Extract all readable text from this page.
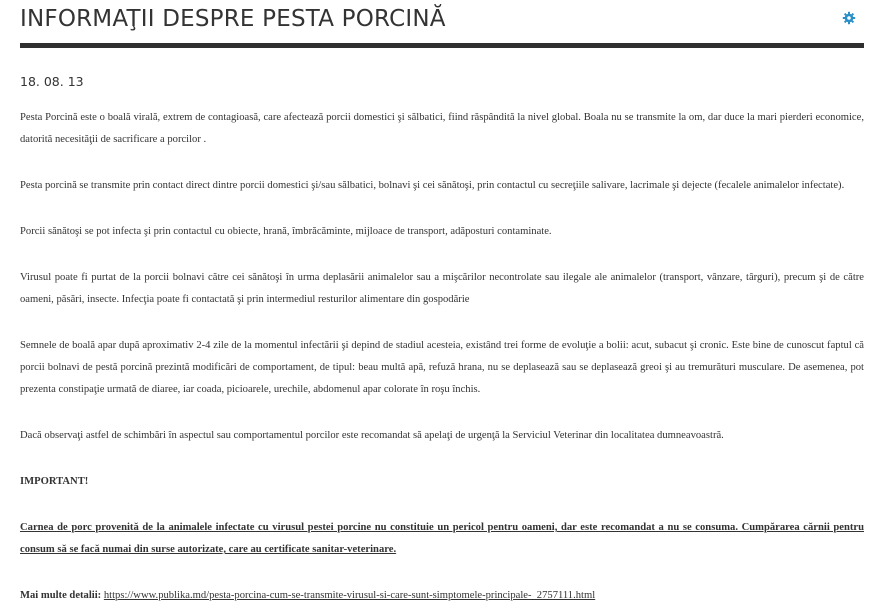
INFORMAŢII DESPRE PESTA PORCINĂ
18. 08. 13

Pesta Porcină este o boală virală, extrem de contagioasă, care afectează porcii domestici şi sălbatici, fiind răspândită la nivel global. Boala nu se transmite la om, dar duce la mari pierderi economice, datorită necesităţii de sacrificare a porcilor .

Pesta porcină se transmite prin contact direct dintre porcii domestici şi/sau sălbatici, bolnavi şi cei sănătoşi, prin contactul cu secreţiile salivare, lacrimale şi dejecte (fecalele animalelor infectate).

Porcii sănătoşi se pot infecta şi prin contactul cu obiecte, hrană, îmbrăcăminte, mijloace de transport, adăposturi contaminate.

Virusul poate fi purtat de la porcii bolnavi către cei sănătoşi în urma deplasării animalelor sau a mişcărilor necontrolate sau ilegale ale animalelor (transport, vânzare, târguri), precum şi de către oameni, păsări, insecte. Infecţia poate fi contactată şi prin intermediul resturilor alimentare din gospodărie

Semnele de boală apar după aproximativ 2-4 zile de la momentul infectării şi depind de stadiul acesteia, existând trei forme de evoluţie a bolii: acut, subacut şi cronic. Este bine de cunoscut faptul că porcii bolnavi de pestă porcină prezintă modificări de comportament, de tipul: beau multă apă, refuză hrana, nu se deplasează sau se deplasează greoi şi au tremurături musculare. De asemenea, pot prezenta constipaţie urmată de diaree, iar coada, picioarele, urechile, abdomenul apar colorate în roşu închis.

Dacă observaţi astfel de schimbări în aspectul sau comportamentul porcilor este recomandat să apelaţi de urgenţă la Serviciul Veterinar din localitatea dumneavoastră.

IMPORTANT!

Carnea de porc provenită de la animalele infectate cu virusul pestei porcine nu constituie un pericol pentru oameni, dar este recomandat a nu se consuma. Cumpărarea cărnii pentru consum să se facă numai din surse autorizate, care au certificate sanitar-veterinare.

Mai multe detalii: https://www.publika.md/pesta-porcina-cum-se-transmite-virusul-si-care-sunt-simptomele-principale-_2757111.html
